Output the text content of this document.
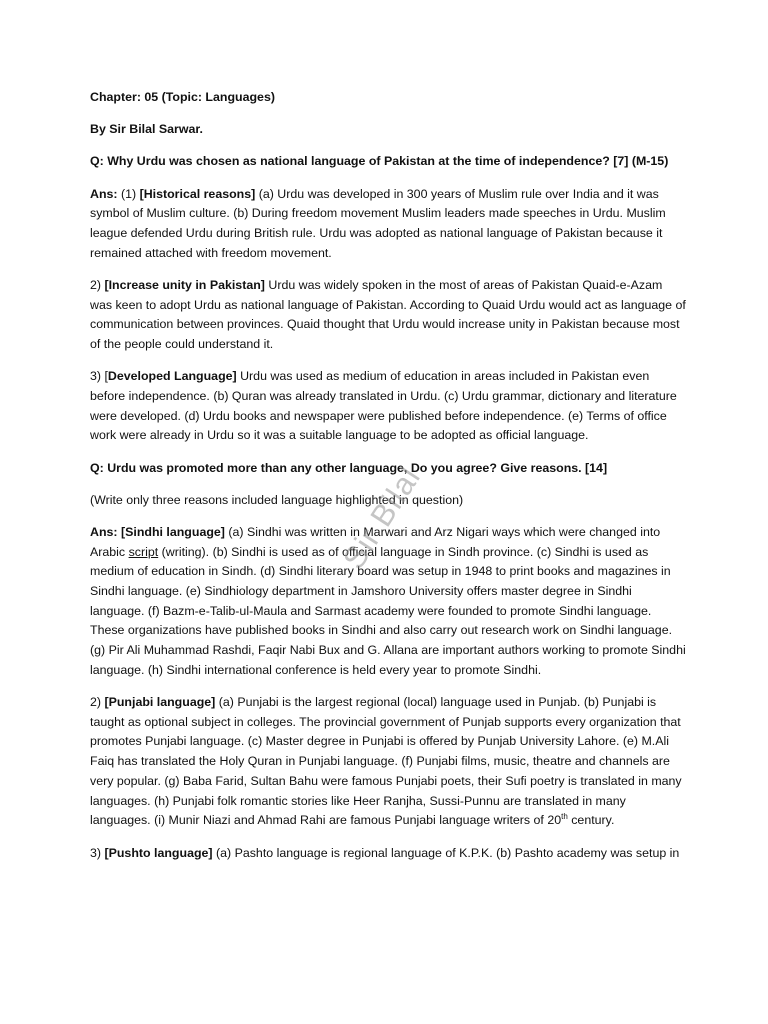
Chapter: 05 (Topic: Languages)

By Sir Bilal Sarwar.

Q: Why Urdu was chosen as national language of Pakistan at the time of independence? [7] (M-15)

Ans: (1) [Historical reasons] (a) Urdu was developed in 300 years of Muslim rule over India and it was symbol of Muslim culture. (b) During freedom movement Muslim leaders made speeches in Urdu. Muslim league defended Urdu during British rule. Urdu was adopted as national language of Pakistan because it remained attached with freedom movement.

2) [Increase unity in Pakistan] Urdu was widely spoken in the most of areas of Pakistan Quaid-e-Azam was keen to adopt Urdu as national language of Pakistan. According to Quaid Urdu would act as language of communication between provinces. Quaid thought that Urdu would increase unity in Pakistan because most of the people could understand it.

3) [Developed Language] Urdu was used as medium of education in areas included in Pakistan even before independence. (b) Quran was already translated in Urdu. (c) Urdu grammar, dictionary and literature were developed. (d) Urdu books and newspaper were published before independence. (e) Terms of office work were already in Urdu so it was a suitable language to be adopted as official language.

Q: Urdu was promoted more than any other language, Do you agree? Give reasons. [14]

(Write only three reasons included language highlighted in question)

Ans: [Sindhi language] (a) Sindhi was written in Marwari and Arz Nigari ways which were changed into Arabic script (writing). (b) Sindhi is used as of official language in Sindh province. (c) Sindhi is used as medium of education in Sindh. (d) Sindhi literary board was setup in 1948 to print books and magazines in Sindhi language. (e) Sindhiology department in Jamshoro University offers master degree in Sindhi language. (f) Bazm-e-Talib-ul-Maula and Sarmast academy were founded to promote Sindhi language. These organizations have published books in Sindhi and also carry out research work on Sindhi language. (g) Pir Ali Muhammad Rashdi, Faqir Nabi Bux and G. Allana are important authors working to promote Sindhi language. (h) Sindhi international conference is held every year to promote Sindhi.

2) [Punjabi language] (a) Punjabi is the largest regional (local) language used in Punjab. (b) Punjabi is taught as optional subject in colleges. The provincial government of Punjab supports every organization that promotes Punjabi language. (c) Master degree in Punjabi is offered by Punjab University Lahore. (e) M.Ali Faiq has translated the Holy Quran in Punjabi language. (f) Punjabi films, music, theatre and channels are very popular. (g) Baba Farid, Sultan Bahu were famous Punjabi poets, their Sufi poetry is translated in many languages. (h) Punjabi folk romantic stories like Heer Ranjha, Sussi-Punnu are translated in many languages. (i) Munir Niazi and Ahmad Rahi are famous Punjabi language writers of 20th century.

3) [Pushto language] (a) Pashto language is regional language of K.P.K. (b) Pashto academy was setup in

Sir Bilal
